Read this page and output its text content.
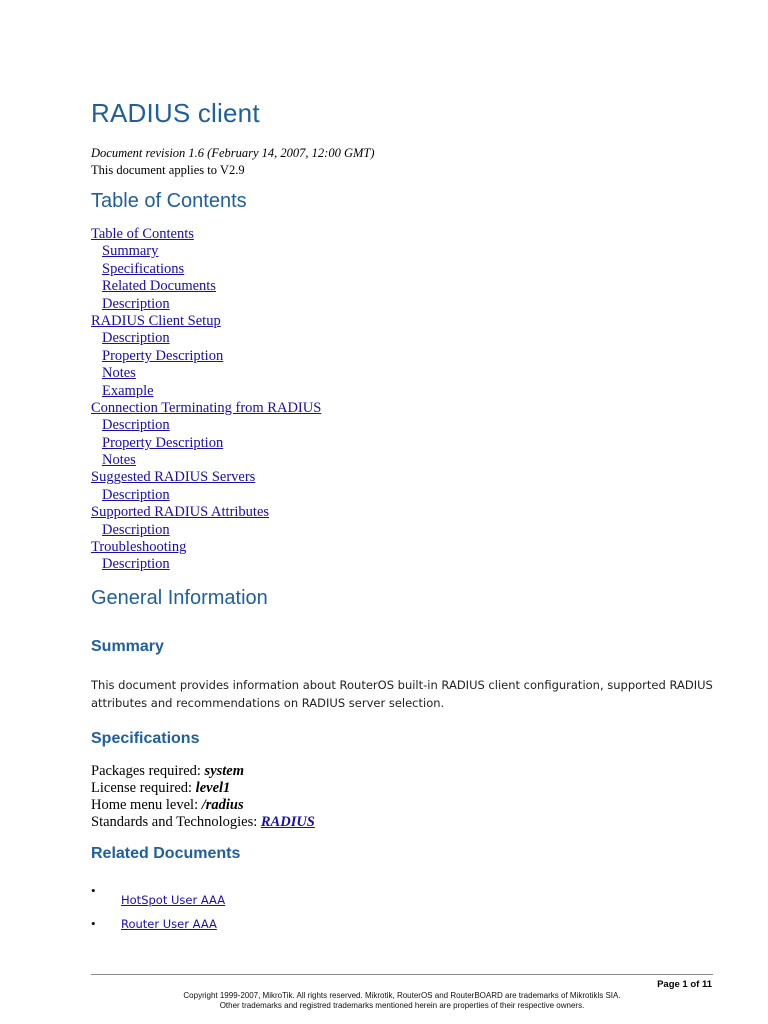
RADIUS client
Document revision 1.6 (February 14, 2007, 12:00 GMT)
This document applies to V2.9
Table of Contents
Table of Contents
Summary
Specifications
Related Documents
Description
RADIUS Client Setup
Description
Property Description
Notes
Example
Connection Terminating from RADIUS
Description
Property Description
Notes
Suggested RADIUS Servers
Description
Supported RADIUS Attributes
Description
Troubleshooting
Description
General Information
Summary

This document provides information about RouterOS built-in RADIUS client configuration, supported RADIUS attributes and recommendations on RADIUS server selection.

Specifications
Packages required: system
License required: level1
Home menu level: /radius
Standards and Technologies: RADIUS
Related Documents
•
HotSpot User AAA
• Router User AAA
Page 1 of 11
Copyright 1999-2007, MikroTik. All rights reserved. Mikrotik, RouterOS and RouterBOARD are trademarks of Mikrotikls SIA.
Other trademarks and registred trademarks mentioned herein are properties of their respective owners.
